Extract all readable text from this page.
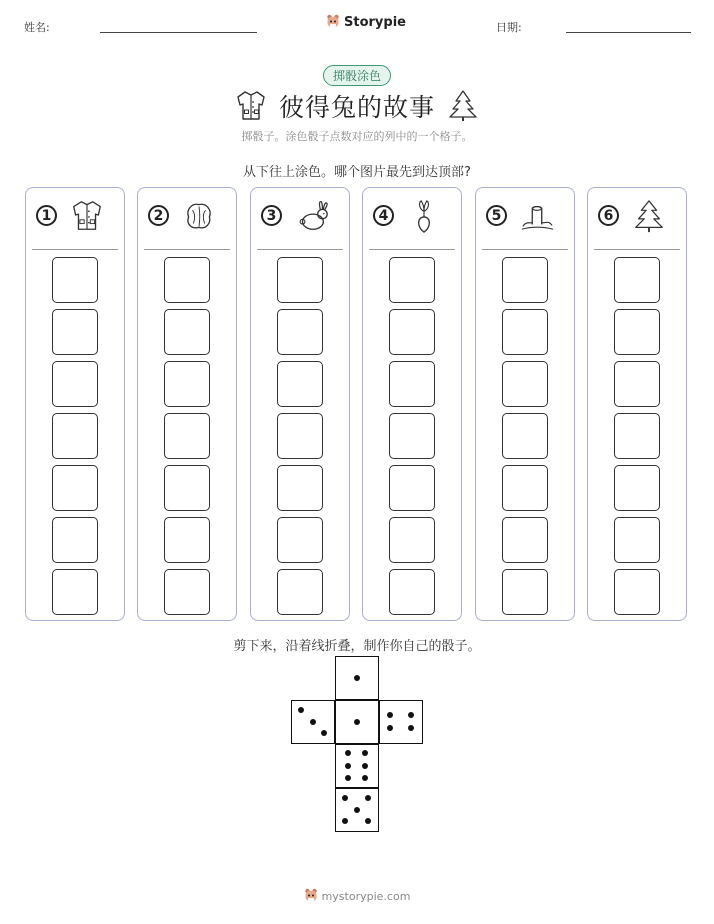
姓名:	Storypie	日期:
掷骰涂色
彼得兔的故事
掷骰子。涂色骰子点数对应的列中的一个格子。
从下往上涂色。哪个图片最先到达顶部?
1	2	3	4	5	6
剪下来，沿着线折叠，制作你自己的骰子。
mystorypie.com
